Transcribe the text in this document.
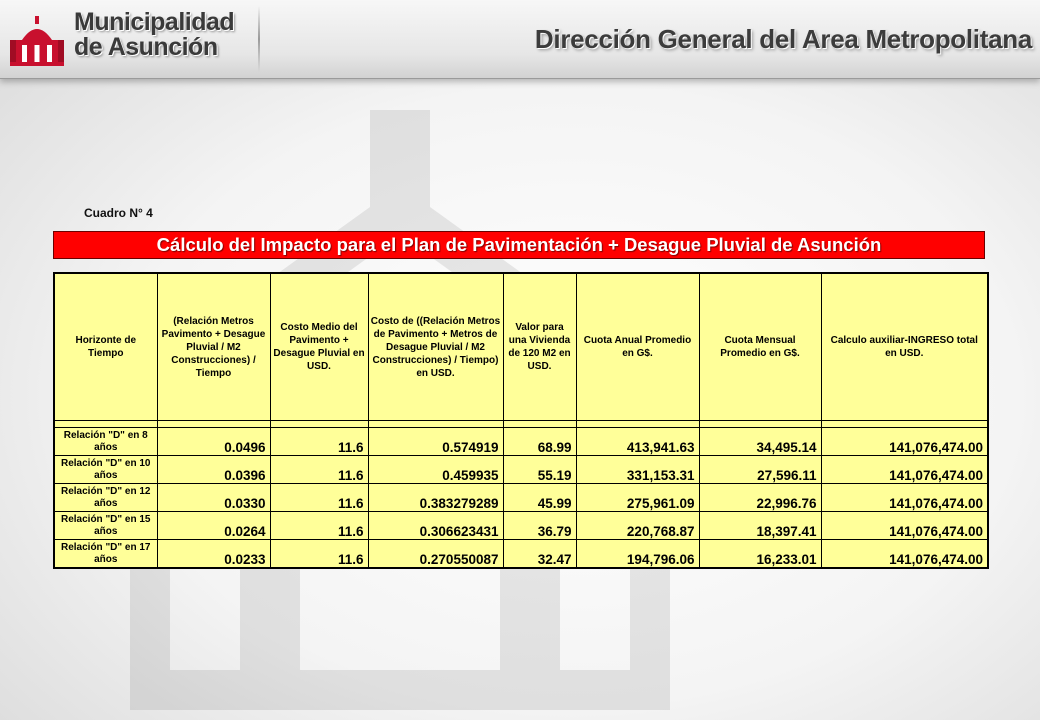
Municipalidad
de Asunción	Dirección General del Area Metropolitana
Cuadro N° 4
Cálculo del Impacto para el Plan de Pavimentación + Desague Pluvial de Asunción
Horizonte de Tiempo	(Relación Metros Pavimento + Desague Pluvial / M2 Construcciones) / Tiempo	Costo Medio del Pavimento + Desague Pluvial en USD.	Costo de ((Relación Metros de Pavimento + Metros de Desague Pluvial / M2 Construcciones) / Tiempo) en USD.	Valor para una Vivienda de 120 M2 en USD.	Cuota Anual Promedio en G$.	Cuota Mensual Promedio en G$.	Calculo auxiliar-INGRESO total en USD.

Relación "D" en 8 años	0.0496	11.6	0.574919	68.99	413,941.63	34,495.14	141,076,474.00
Relación "D" en 10 años	0.0396	11.6	0.459935	55.19	331,153.31	27,596.11	141,076,474.00
Relación "D" en 12 años	0.0330	11.6	0.383279289	45.99	275,961.09	22,996.76	141,076,474.00
Relación "D" en 15 años	0.0264	11.6	0.306623431	36.79	220,768.87	18,397.41	141,076,474.00
Relación "D" en 17 años	0.0233	11.6	0.270550087	32.47	194,796.06	16,233.01	141,076,474.00
